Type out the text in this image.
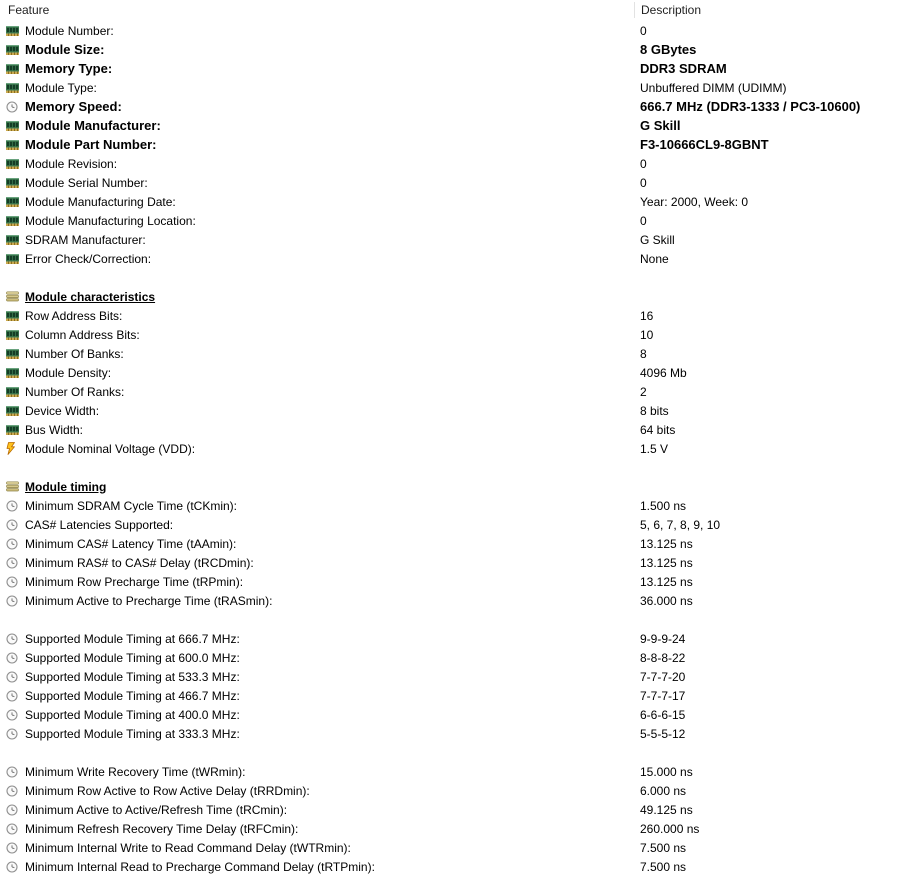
Feature	Description
Module Number:	0
Module Size:	8 GBytes
Memory Type:	DDR3 SDRAM
Module Type:	Unbuffered DIMM (UDIMM)
Memory Speed:	666.7 MHz (DDR3-1333 / PC3-10600)
Module Manufacturer:	G Skill
Module Part Number:	F3-10666CL9-8GBNT
Module Revision:	0
Module Serial Number:	0
Module Manufacturing Date:	Year: 2000, Week: 0
Module Manufacturing Location:	0
SDRAM Manufacturer:	G Skill
Error Check/Correction:	None
Module characteristics
Row Address Bits:	16
Column Address Bits:	10
Number Of Banks:	8
Module Density:	4096 Mb
Number Of Ranks:	2
Device Width:	8 bits
Bus Width:	64 bits
Module Nominal Voltage (VDD):	1.5 V
Module timing
Minimum SDRAM Cycle Time (tCKmin):	1.500 ns
CAS# Latencies Supported:	5, 6, 7, 8, 9, 10
Minimum CAS# Latency Time (tAAmin):	13.125 ns
Minimum RAS# to CAS# Delay (tRCDmin):	13.125 ns
Minimum Row Precharge Time (tRPmin):	13.125 ns
Minimum Active to Precharge Time (tRASmin):	36.000 ns
Supported Module Timing at 666.7 MHz:	9-9-9-24
Supported Module Timing at 600.0 MHz:	8-8-8-22
Supported Module Timing at 533.3 MHz:	7-7-7-20
Supported Module Timing at 466.7 MHz:	7-7-7-17
Supported Module Timing at 400.0 MHz:	6-6-6-15
Supported Module Timing at 333.3 MHz:	5-5-5-12
Minimum Write Recovery Time (tWRmin):	15.000 ns
Minimum Row Active to Row Active Delay (tRRDmin):	6.000 ns
Minimum Active to Active/Refresh Time (tRCmin):	49.125 ns
Minimum Refresh Recovery Time Delay (tRFCmin):	260.000 ns
Minimum Internal Write to Read Command Delay (tWTRmin):	7.500 ns
Minimum Internal Read to Precharge Command Delay (tRTPmin):	7.500 ns
